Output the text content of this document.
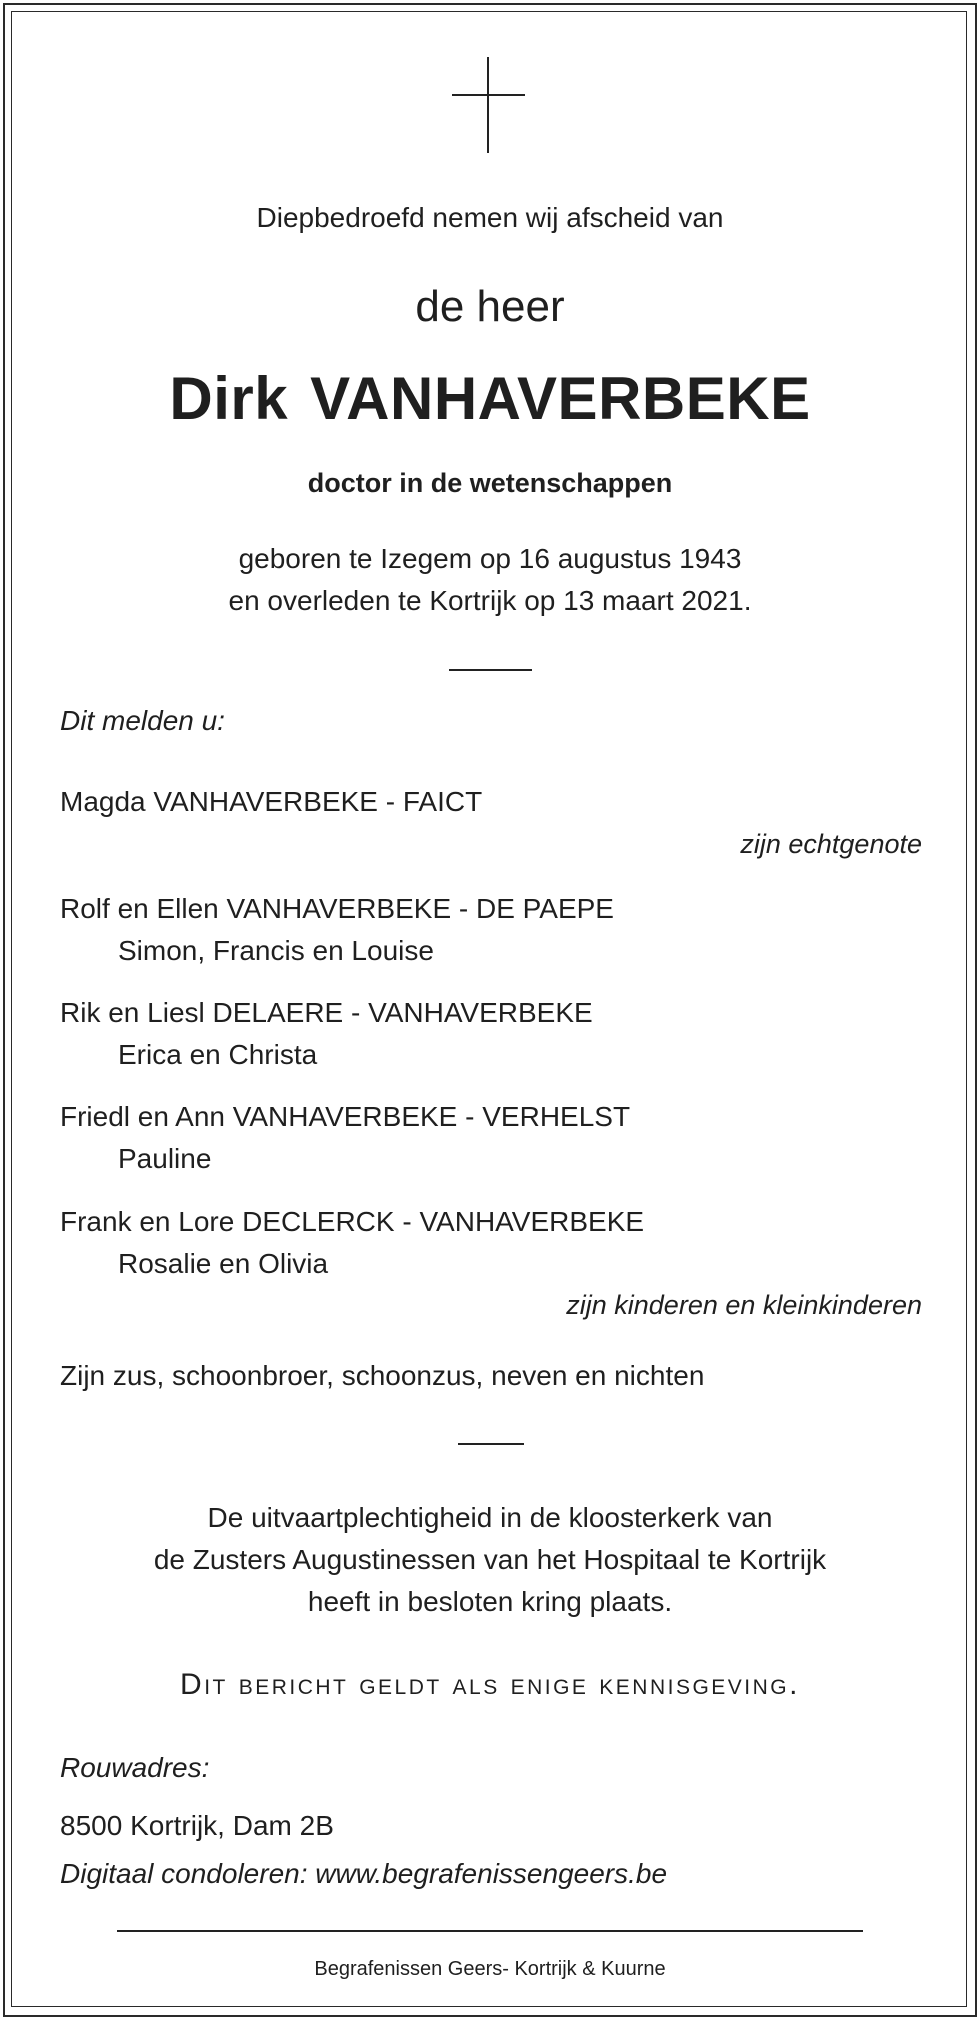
Diepbedroefd nemen wij afscheid van
de heer
Dirk VANHAVERBEKE
doctor in de wetenschappen
geboren te Izegem op 16 augustus 1943
en overleden te Kortrijk op 13 maart 2021.
Dit melden u:
Magda VANHAVERBEKE - FAICT
zijn echtgenote
Rolf en Ellen VANHAVERBEKE - DE PAEPE
Simon, Francis en Louise
Rik en Liesl DELAERE - VANHAVERBEKE
Erica en Christa
Friedl en Ann VANHAVERBEKE - VERHELST
Pauline
Frank en Lore DECLERCK - VANHAVERBEKE
Rosalie en Olivia
zijn kinderen en kleinkinderen
Zijn zus, schoonbroer, schoonzus, neven en nichten
De uitvaartplechtigheid in de kloosterkerk van
de Zusters Augustinessen van het Hospitaal te Kortrijk
heeft in besloten kring plaats.
Dit bericht geldt als enige kennisgeving.
Rouwadres:
8500 Kortrijk, Dam 2B
Digitaal condoleren: www.begrafenissengeers.be
Begrafenissen Geers- Kortrijk & Kuurne
